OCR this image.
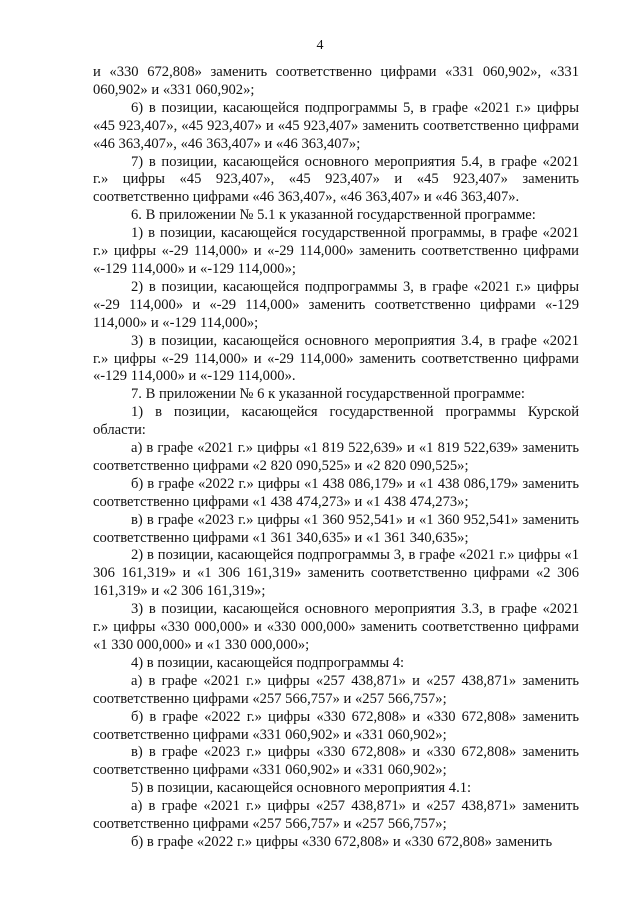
4

и «330 672,808» заменить соответственно цифрами «331 060,902», «331 060,902» и «331 060,902»;

6) в позиции, касающейся подпрограммы 5, в графе «2021 г.» цифры «45 923,407», «45 923,407» и «45 923,407» заменить соответственно цифрами «46 363,407», «46 363,407» и «46 363,407»;

7) в позиции, касающейся основного мероприятия 5.4, в графе «2021 г.» цифры «45 923,407», «45 923,407» и «45 923,407» заменить соответственно цифрами «46 363,407», «46 363,407» и «46 363,407».

6. В приложении № 5.1 к указанной государственной программе:

1) в позиции, касающейся государственной программы, в графе «2021 г.» цифры «-29 114,000» и «-29 114,000» заменить соответственно цифрами «-129 114,000» и «-129 114,000»;

2) в позиции, касающейся подпрограммы 3, в графе «2021 г.» цифры «-29 114,000» и «-29 114,000» заменить соответственно цифрами «-129 114,000» и «-129 114,000»;

3) в позиции, касающейся основного мероприятия 3.4, в графе «2021 г.» цифры «-29 114,000» и «-29 114,000» заменить соответственно цифрами «-129 114,000» и «-129 114,000».

7. В приложении № 6 к указанной государственной программе:

1) в позиции, касающейся государственной программы Курской области:

а) в графе «2021 г.» цифры «1 819 522,639» и «1 819 522,639» заменить соответственно цифрами «2 820 090,525» и «2 820 090,525»;

б) в графе «2022 г.» цифры «1 438 086,179» и «1 438 086,179» заменить соответственно цифрами «1 438 474,273» и «1 438 474,273»;

в) в графе «2023 г.» цифры «1 360 952,541» и «1 360 952,541» заменить соответственно цифрами «1 361 340,635» и «1 361 340,635»;

2) в позиции, касающейся подпрограммы 3, в графе «2021 г.» цифры «1 306 161,319» и «1 306 161,319» заменить соответственно цифрами «2 306 161,319» и «2 306 161,319»;

3) в позиции, касающейся основного мероприятия 3.3, в графе «2021 г.» цифры «330 000,000» и «330 000,000» заменить соответственно цифрами «1 330 000,000» и «1 330 000,000»;

4) в позиции, касающейся подпрограммы 4:

а) в графе «2021 г.» цифры «257 438,871» и «257 438,871» заменить соответственно цифрами «257 566,757» и «257 566,757»;

б) в графе «2022 г.» цифры «330 672,808» и «330 672,808» заменить соответственно цифрами «331 060,902» и «331 060,902»;

в) в графе «2023 г.» цифры «330 672,808» и «330 672,808» заменить соответственно цифрами «331 060,902» и «331 060,902»;

5) в позиции, касающейся основного мероприятия 4.1:

а) в графе «2021 г.» цифры «257 438,871» и «257 438,871» заменить соответственно цифрами «257 566,757» и «257 566,757»;

б) в графе «2022 г.» цифры «330 672,808» и «330 672,808» заменить
